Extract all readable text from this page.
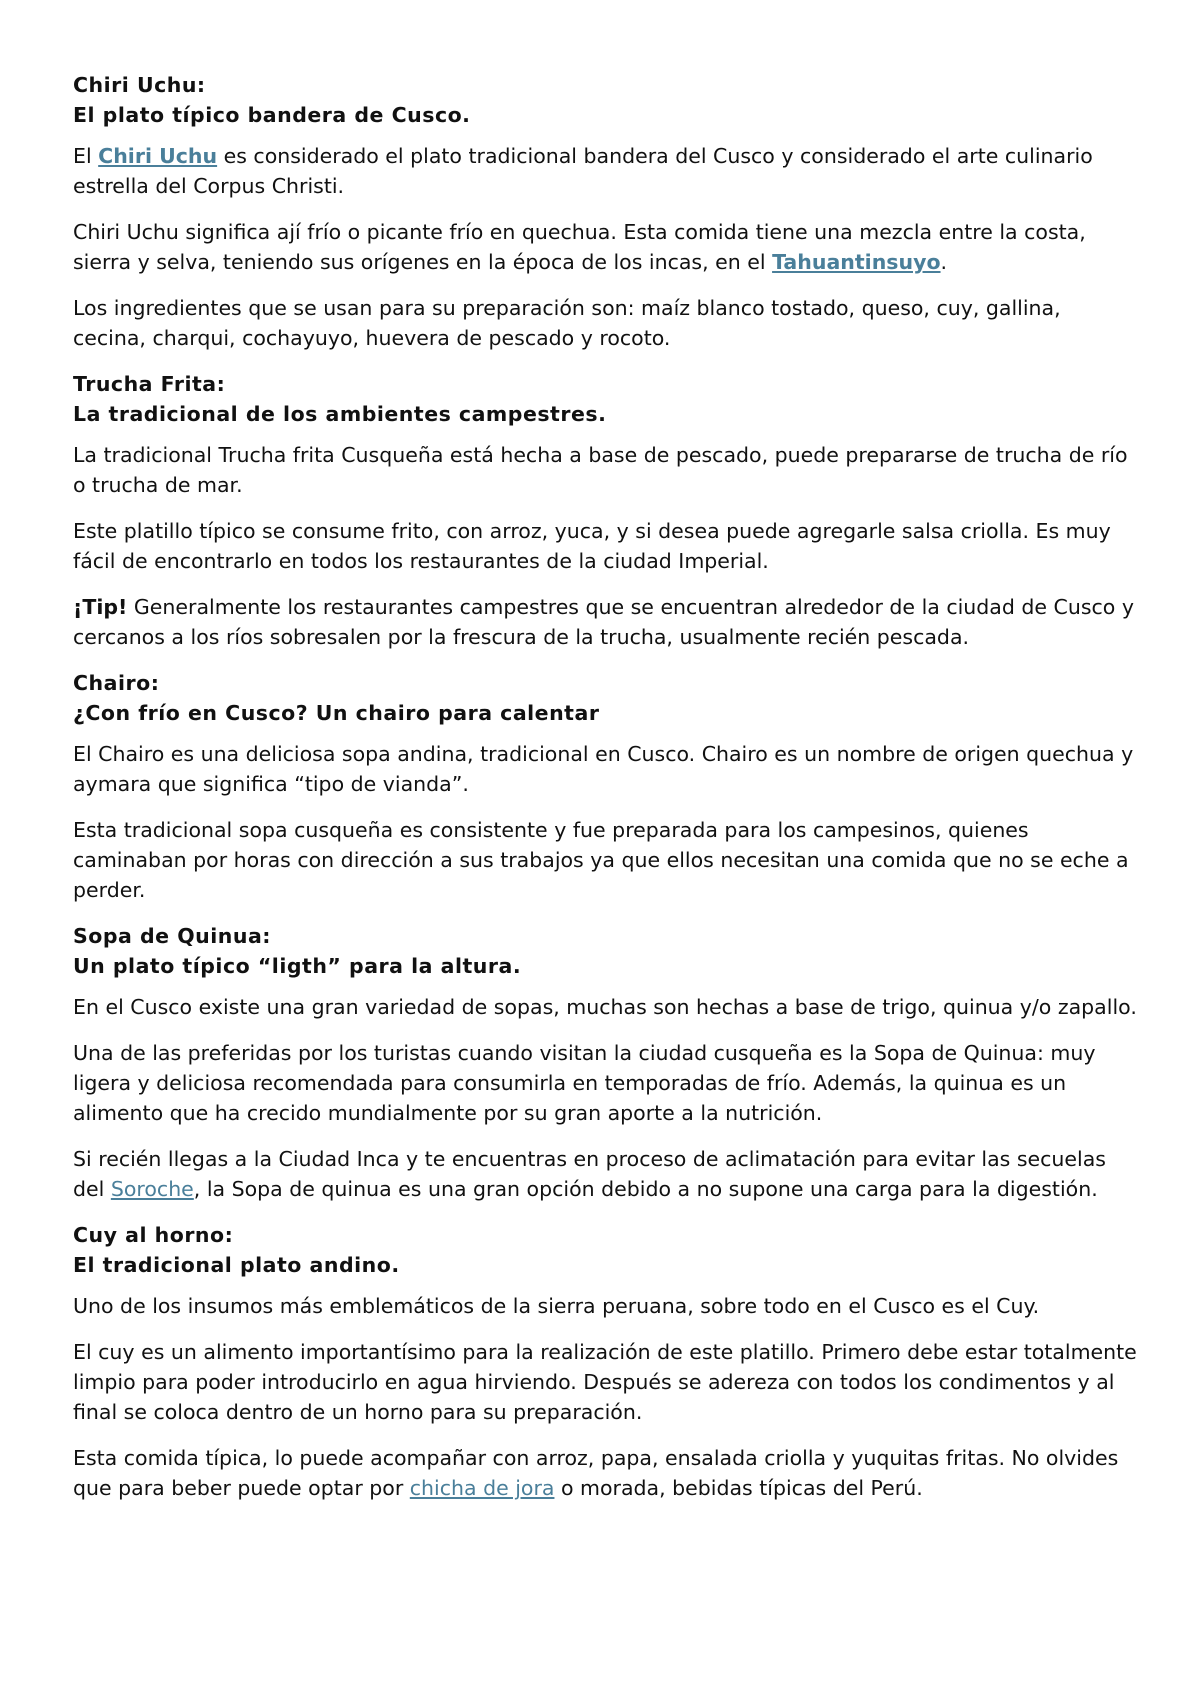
Chiri Uchu:
El plato típico bandera de Cusco.

El Chiri Uchu es considerado el plato tradicional bandera del Cusco y considerado el arte culinario estrella del Corpus Christi.

Chiri Uchu significa ají frío o picante frío en quechua. Esta comida tiene una mezcla entre la costa, sierra y selva, teniendo sus orígenes en la época de los incas, en el Tahuantinsuyo.

Los ingredientes que se usan para su preparación son: maíz blanco tostado, queso, cuy, gallina, cecina, charqui, cochayuyo, huevera de pescado y rocoto.

Trucha Frita:
La tradicional de los ambientes campestres.

La tradicional Trucha frita Cusqueña está hecha a base de pescado, puede prepararse de trucha de río o trucha de mar.

Este platillo típico se consume frito, con arroz, yuca, y si desea puede agregarle salsa criolla. Es muy fácil de encontrarlo en todos los restaurantes de la ciudad Imperial.

¡Tip! Generalmente los restaurantes campestres que se encuentran alrededor de la ciudad de Cusco y cercanos a los ríos sobresalen por la frescura de la trucha, usualmente recién pescada.

Chairo:
¿Con frío en Cusco? Un chairo para calentar

El Chairo es una deliciosa sopa andina, tradicional en Cusco. Chairo es un nombre de origen quechua y aymara que significa “tipo de vianda”.

Esta tradicional sopa cusqueña es consistente y fue preparada para los campesinos, quienes caminaban por horas con dirección a sus trabajos ya que ellos necesitan una comida que no se eche a perder.

Sopa de Quinua:
Un plato típico “ligth” para la altura.

En el Cusco existe una gran variedad de sopas, muchas son hechas a base de trigo, quinua y/o zapallo.

Una de las preferidas por los turistas cuando visitan la ciudad cusqueña es la Sopa de Quinua: muy ligera y deliciosa recomendada para consumirla en temporadas de frío. Además, la quinua es un alimento que ha crecido mundialmente por su gran aporte a la nutrición.

Si recién llegas a la Ciudad Inca y te encuentras en proceso de aclimatación para evitar las secuelas del Soroche, la Sopa de quinua es una gran opción debido a no supone una carga para la digestión.

Cuy al horno:
El tradicional plato andino.

Uno de los insumos más emblemáticos de la sierra peruana, sobre todo en el Cusco es el Cuy.

El cuy es un alimento importantísimo para la realización de este platillo. Primero debe estar totalmente limpio para poder introducirlo en agua hirviendo. Después se adereza con todos los condimentos y al final se coloca dentro de un horno para su preparación.

Esta comida típica, lo puede acompañar con arroz, papa, ensalada criolla y yuquitas fritas. No olvides que para beber puede optar por chicha de jora o morada, bebidas típicas del Perú.
